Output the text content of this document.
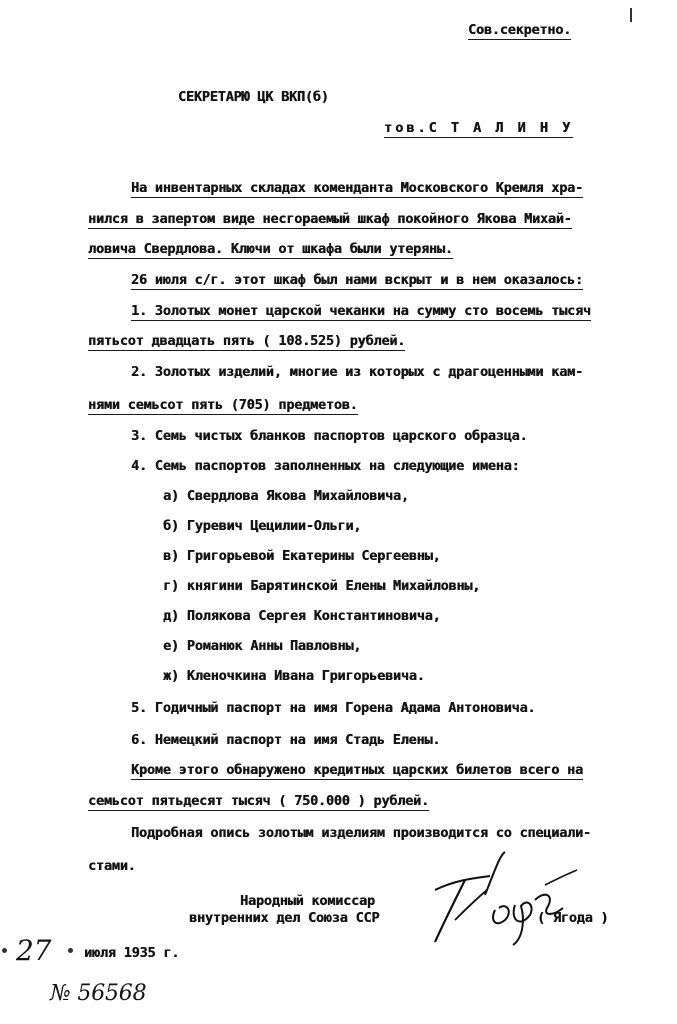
Сов.секретно.
СЕКРЕТАРЮ ЦК ВКП(б)
тов.С Т А Л И Н У
На инвентарных складах коменданта Московского Кремля хра-
нился в запертом виде несгораемый шкаф покойного Якова Михай-
ловича Свердлова. Ключи от шкафа были утеряны.
26 июля с/г. этот шкаф был нами вскрыт и в нем оказалось:
1. Золотых монет царской чеканки на сумму сто восемь тысяч
пятьсот двадцать пять ( 108.525) рублей.
2. Золотых изделий, многие из которых с драгоценными кам-
нями семьсот пять (705) предметов.
3. Семь чистых бланков паспортов царского образца.
4. Семь паспортов заполненных на следующие имена:
а) Свердлова Якова Михайловича,
б) Гуревич Цецилии-Ольги,
в) Григорьевой Екатерины Сергеевны,
г) княгини Барятинской Елены Михайловны,
д) Полякова Сергея Константиновича,
е) Романюк Анны Павловны,
ж) Кленочкина Ивана Григорьевича.
5. Годичный паспорт на имя Горена Адама Антоновича.
6. Немецкий паспорт на имя Стадь Елены.
Кроме этого обнаружено кредитных царских билетов всего на
семьсот пятьдесят тысяч ( 750.000 ) рублей.
Подробная опись золотым изделиям производится со специали-
стами.
Народный комиссар
внутренних дел Союза ССР	( Ягода )
27 июля 1935 г.
№ 56568
